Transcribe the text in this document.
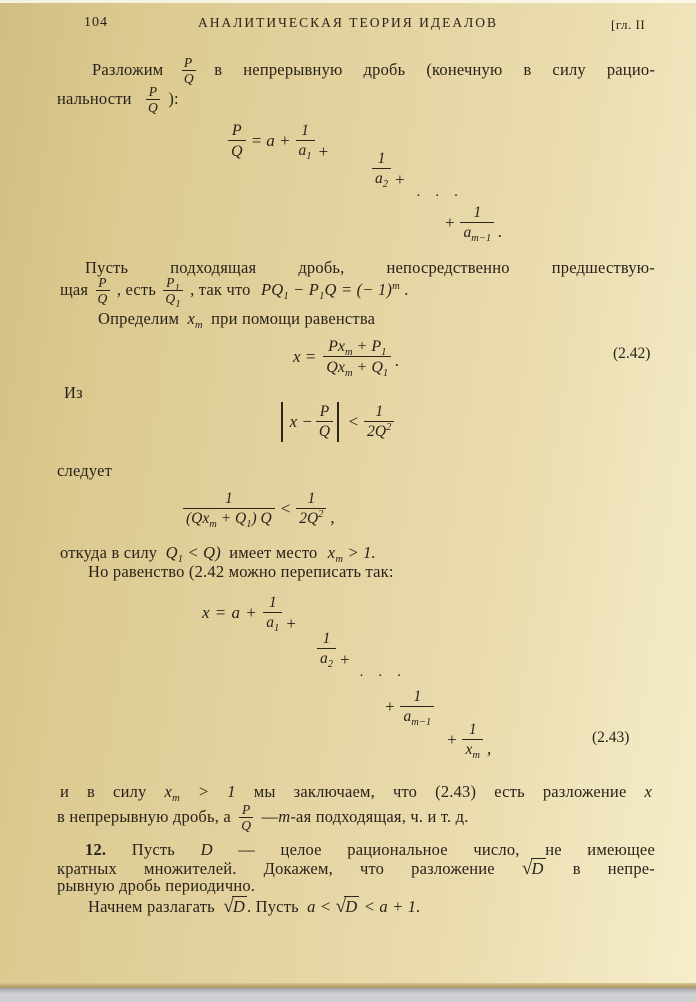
104	АНАЛИТИЧЕСКАЯ ТЕОРИЯ ИДЕАЛОВ	[гл. II
Разложим $\frac{P}{Q}$ в непрерывную дробь (конечную в силу рацио-
нальности $\frac{P}{Q}$ ):
$\frac{P}{Q} = a + \frac{1}{a_1}$ +	$\frac{1}{a_2}$ +
· · ·
+ $\frac{1}{a_{m-1}}$ .
Пусть подходящая дробь, непосредственно предшествую-
щая $\frac{P}{Q}$ , есть $\frac{P_1}{Q_1}$ , так что $PQ_1 - P_1Q$ = (− 1)$^m$ .
Определим $x_m$ при помощи равенства
$x = \frac{Px_m + P_1}{Qx_m + Q_1}$ .	(2.42)
Из
$x - \frac{P}{Q} < \frac{1}{2Q^2}$
следует
$\frac{1}{(Qx_m + Q_1) Q} < \frac{1}{2Q^2}$ ,
откуда в силу $Q_1 < Q$) имеет место $x_m > 1$.
Но равенство (2.42 можно переписать так:
$x = a + \frac{1}{a_1}$ +
$\frac{1}{a_2}$ +
· · ·
+ $\frac{1}{a_{m-1}}$
+ $\frac{1}{x_m}$ ,
(2.43)
и в силу $x_m > 1$ мы заключаем, что (2.43) есть разложение x
в непрерывную дробь, а $\frac{P}{Q}$ —m-ая подходящая, ч. и т. д.
12. Пусть D — целое рациональное число, не имеющее
кратных множителей. Докажем, что разложение √D в непре-
рывную дробь периодично.
Начнем разлагать √D . Пусть a < √D < a + 1.
